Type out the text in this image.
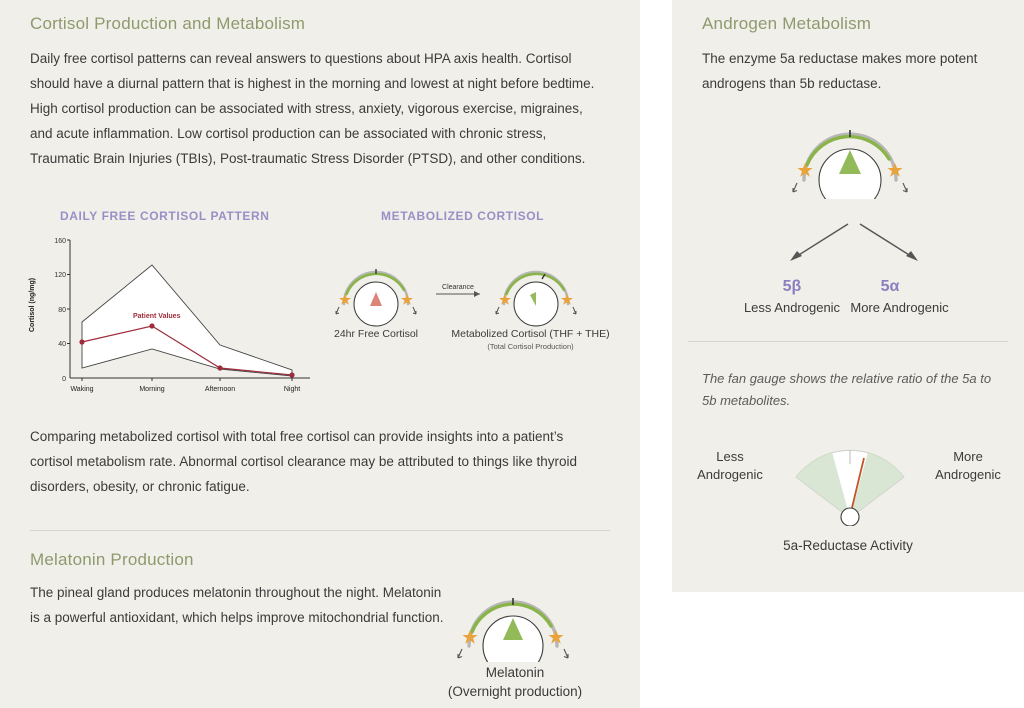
Cortisol Production and Metabolism
Daily free cortisol patterns can reveal answers to questions about HPA axis health. Cortisol should have a diurnal pattern that is highest in the morning and lowest at night before bedtime. High cortisol production can be associated with stress, anxiety, vigorous exercise, migraines, and acute inflammation. Low cortisol production can be associated with chronic stress, Traumatic Brain Injuries (TBIs), Post-traumatic Stress Disorder (PTSD), and other conditions.
DAILY FREE CORTISOL PATTERN	METABOLIZED CORTISOL
160
120
80
40
0
Cortisol (ng/mg)	Patient Values
Waking	Morning	Afternoon	Night
Clearance
24hr Free Cortisol	Metabolized Cortisol (THF + THE)
(Total Cortisol Production)
Comparing metabolized cortisol with total free cortisol can provide insights into a patient’s cortisol metabolism rate. Abnormal cortisol clearance may be attributed to things like thyroid disorders, obesity, or chronic fatigue.
Melatonin Production
The pineal gland produces melatonin throughout the night. Melatonin is a powerful antioxidant, which helps improve mitochondrial function.
Melatonin
(Overnight production)
Androgen Metabolism
The enzyme 5a reductase makes more potent androgens than 5b reductase.
5β
Less Androgenic
5α
More Androgenic
The fan gauge shows the relative ratio of the 5a to 5b metabolites.
Less
Androgenic
More
Androgenic
5a-Reductase Activity
